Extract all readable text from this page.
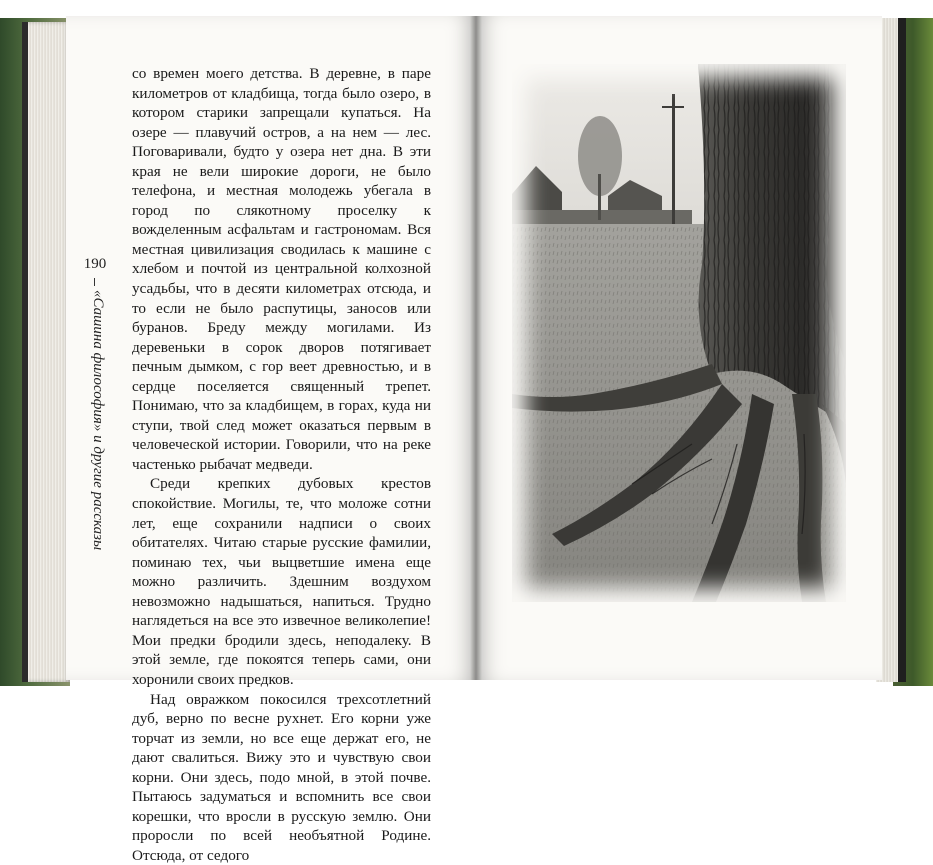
190
«Сашина философия» и другие рассказы

со времен моего детства. В деревне, в паре километров от кладбища, тогда было озеро, в котором старики запрещали купаться. На озере — плавучий остров, а на нем — лес. Поговаривали, будто у озера нет дна. В эти края не вели широкие дороги, не было телефона, и местная молодежь убегала в город по слякотному проселку к вожделенным асфальтам и гастрономам. Вся местная цивилизация сводилась к машине с хлебом и почтой из центральной колхозной усадьбы, что в десяти километрах отсюда, и то если не было распутицы, заносов или буранов. Бреду между могилами. Из деревеньки в сорок дворов потягивает печным дымком, с гор веет древностью, и в сердце поселяется священный трепет. Понимаю, что за кладбищем, в горах, куда ни ступи, твой след может оказаться первым в человеческой истории. Говорили, что на реке частенько рыбачат медведи.

Среди крепких дубовых крестов спокойствие. Могилы, те, что моложе сотни лет, еще сохранили надписи о своих обитателях. Читаю старые русские фамилии, поминаю тех, чьи выцветшие имена еще можно различить. Здешним воздухом невозможно надышаться, напиться. Трудно наглядеться на все это извечное великолепие! Мои предки бродили здесь, неподалеку. В этой земле, где покоятся теперь сами, они хоронили своих предков.

Над овражком покосился трехсотлетний дуб, верно по весне рухнет. Его корни уже торчат из земли, но все еще держат его, не дают свалиться. Вижу это и чувствую свои корни. Они здесь, подо мной, в этой почве. Пытаюсь задуматься и вспомнить все свои корешки, что вросли в русскую землю. Они проросли по всей необъятной Родине. Отсюда, от седого
